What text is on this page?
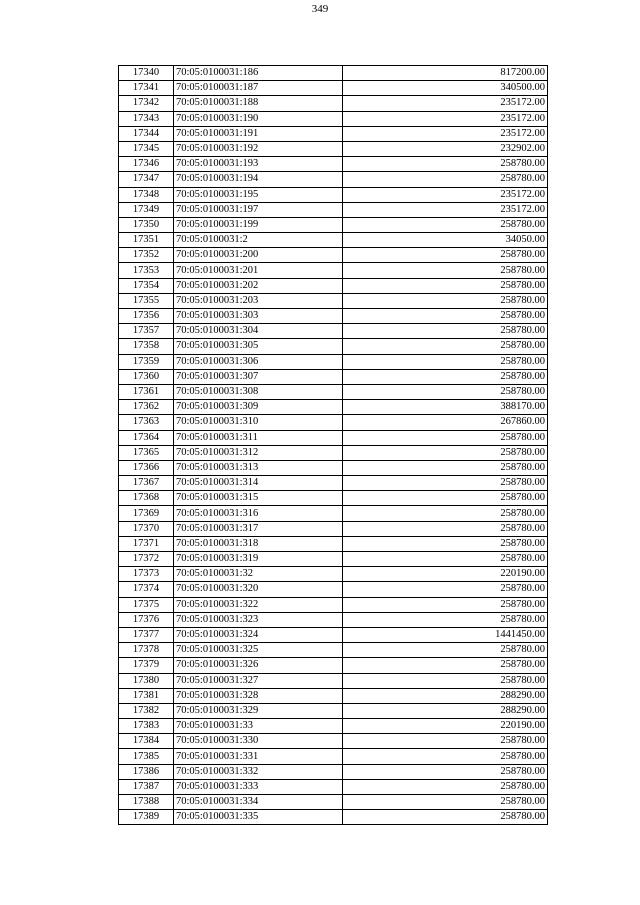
349
17340	70:05:0100031:186	817200.00
17341	70:05:0100031:187	340500.00
17342	70:05:0100031:188	235172.00
17343	70:05:0100031:190	235172.00
17344	70:05:0100031:191	235172.00
17345	70:05:0100031:192	232902.00
17346	70:05:0100031:193	258780.00
17347	70:05:0100031:194	258780.00
17348	70:05:0100031:195	235172.00
17349	70:05:0100031:197	235172.00
17350	70:05:0100031:199	258780.00
17351	70:05:0100031:2	34050.00
17352	70:05:0100031:200	258780.00
17353	70:05:0100031:201	258780.00
17354	70:05:0100031:202	258780.00
17355	70:05:0100031:203	258780.00
17356	70:05:0100031:303	258780.00
17357	70:05:0100031:304	258780.00
17358	70:05:0100031:305	258780.00
17359	70:05:0100031:306	258780.00
17360	70:05:0100031:307	258780.00
17361	70:05:0100031:308	258780.00
17362	70:05:0100031:309	388170.00
17363	70:05:0100031:310	267860.00
17364	70:05:0100031:311	258780.00
17365	70:05:0100031:312	258780.00
17366	70:05:0100031:313	258780.00
17367	70:05:0100031:314	258780.00
17368	70:05:0100031:315	258780.00
17369	70:05:0100031:316	258780.00
17370	70:05:0100031:317	258780.00
17371	70:05:0100031:318	258780.00
17372	70:05:0100031:319	258780.00
17373	70:05:0100031:32	220190.00
17374	70:05:0100031:320	258780.00
17375	70:05:0100031:322	258780.00
17376	70:05:0100031:323	258780.00
17377	70:05:0100031:324	1441450.00
17378	70:05:0100031:325	258780.00
17379	70:05:0100031:326	258780.00
17380	70:05:0100031:327	258780.00
17381	70:05:0100031:328	288290.00
17382	70:05:0100031:329	288290.00
17383	70:05:0100031:33	220190.00
17384	70:05:0100031:330	258780.00
17385	70:05:0100031:331	258780.00
17386	70:05:0100031:332	258780.00
17387	70:05:0100031:333	258780.00
17388	70:05:0100031:334	258780.00
17389	70:05:0100031:335	258780.00
